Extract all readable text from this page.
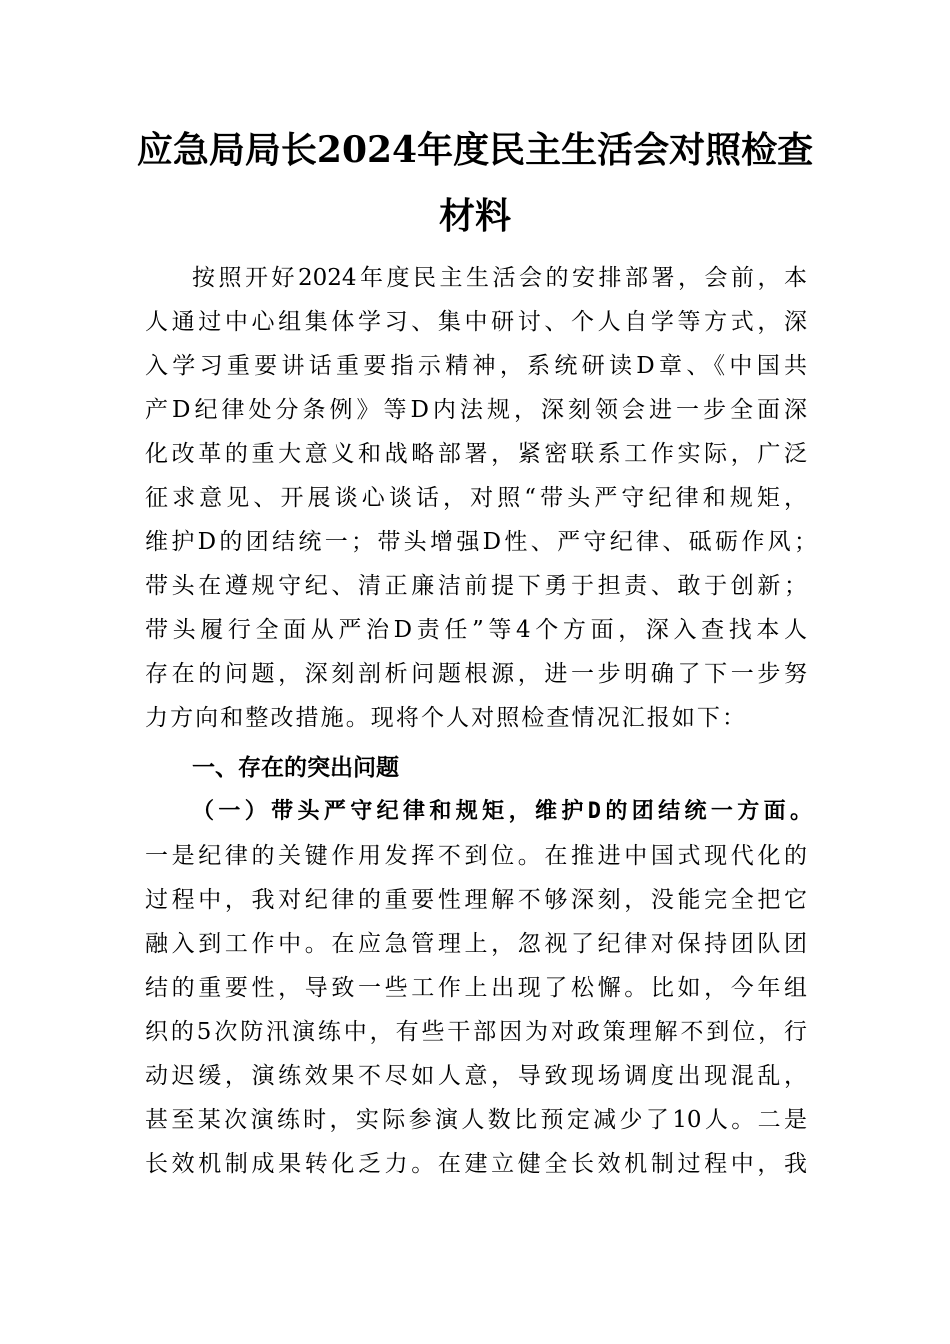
应急局局长2024年度民主生活会对照检查
材料
按照开好2024年度民主生活会的安排部署，会前，本
人通过中心组集体学习、集中研讨、个人自学等方式，深
入学习重要讲话重要指示精神，系统研读D章、《中国共
产D纪律处分条例》等D内法规，深刻领会进一步全面深
化改革的重大意义和战略部署，紧密联系工作实际，广泛
征求意见、开展谈心谈话，对照“带头严守纪律和规矩，
维护D的团结统一；带头增强D性、严守纪律、砥砺作风；
带头在遵规守纪、清正廉洁前提下勇于担责、敢于创新；
带头履行全面从严治D责任”等4个方面，深入查找本人
存在的问题，深刻剖析问题根源，进一步明确了下一步努
力方向和整改措施。现将个人对照检查情况汇报如下：
一、存在的突出问题
（一）带头严守纪律和规矩，维护D的团结统一方面。
一是纪律的关键作用发挥不到位。在推进中国式现代化的
过程中，我对纪律的重要性理解不够深刻，没能完全把它
融入到工作中。在应急管理上，忽视了纪律对保持团队团
结的重要性，导致一些工作上出现了松懈。比如，今年组
织的5次防汛演练中，有些干部因为对政策理解不到位，行
动迟缓，演练效果不尽如人意，导致现场调度出现混乱，
甚至某次演练时，实际参演人数比预定减少了10人。二是
长效机制成果转化乏力。在建立健全长效机制过程中，我
